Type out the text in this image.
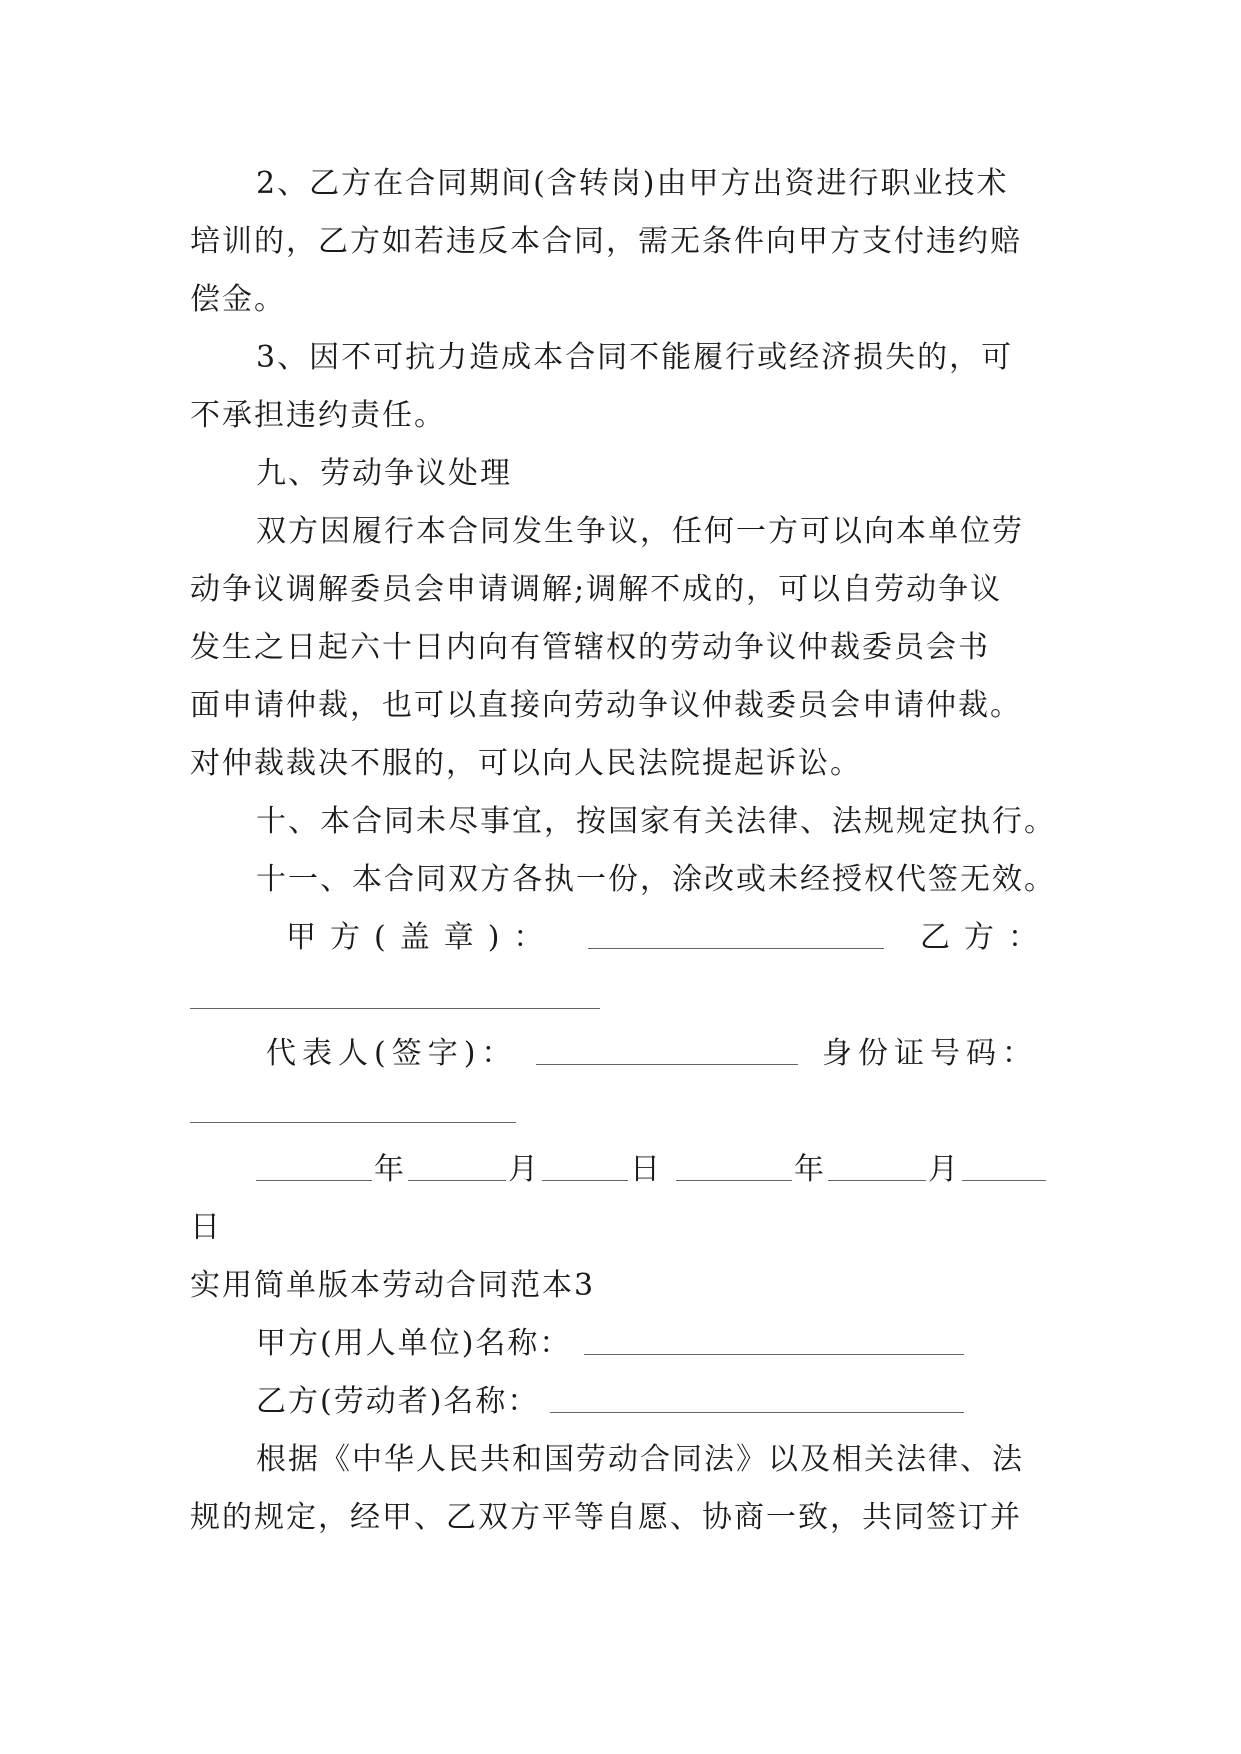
2、乙方在合同期间(含转岗)由甲方出资进行职业技术
培训的，乙方如若违反本合同，需无条件向甲方支付违约赔
偿金。
3、因不可抗力造成本合同不能履行或经济损失的，可
不承担违约责任。
九、劳动争议处理
双方因履行本合同发生争议，任何一方可以向本单位劳
动争议调解委员会申请调解;调解不成的，可以自劳动争议
发生之日起六十日内向有管辖权的劳动争议仲裁委员会书
面申请仲裁，也可以直接向劳动争议仲裁委员会申请仲裁。
对仲裁裁决不服的，可以向人民法院提起诉讼。
十、本合同未尽事宜，按国家有关法律、法规规定执行。
十一、本合同双方各执一份，涂改或未经授权代签无效。
甲方(盖章)：	乙方：
代表人(签字)：	身份证号码：
年	月	日	年	月
日
实用简单版本劳动合同范本3
甲方(用人单位)名称：
乙方(劳动者)名称：
根据《中华人民共和国劳动合同法》以及相关法律、法
规的规定，经甲、乙双方平等自愿、协商一致，共同签订并
